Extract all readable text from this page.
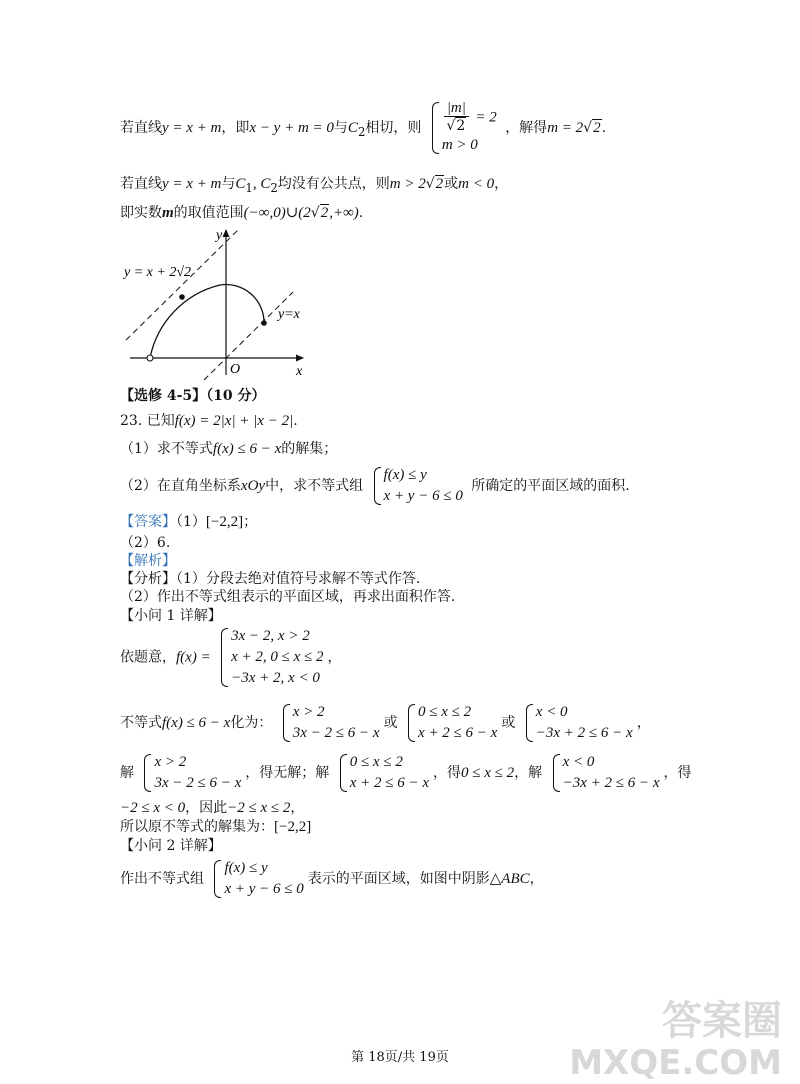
若直线y = x + m，即x − y + m = 0与$C_2$相切，则 $\frac{|m|}{√2} = 2$
m > 0
，解得m = 2√2.
若直线y = x + m与$C_1$, $C_2$均没有公共点，则m > 2√2或m < 0，
即实数m的取值范围(−∞,0)∪(2√2,+∞).
y
x
O
y = x + 2√2
y=x
【选修 4-5】（10 分）
23. 已知f(x) = 2|x| + |x − 2|.
（1）求不等式f(x) ≤ 6 − x的解集；
（2）在直角坐标系xOy中，求不等式组
f(x) ≤ y
x + y − 6 ≤ 0
所确定的平面区域的面积.
【答案】（1）[−2,2]；
（2）6.
【解析】
【分析】（1）分段去绝对值符号求解不等式作答.
（2）作出不等式组表示的平面区域，再求出面积作答.
【小问 1 详解】
依题意，f(x) =
3x − 2, x > 2
x + 2, 0 ≤ x ≤ 2
−3x + 2, x < 0
，
不等式f(x) ≤ 6 − x化为：
x > 2
3x − 2 ≤ 6 − x
或
0 ≤ x ≤ 2
x + 2 ≤ 6 − x
或
x < 0
−3x + 2 ≤ 6 − x
，
解
x > 2
3x − 2 ≤ 6 − x
，得无解；解
0 ≤ x ≤ 2
x + 2 ≤ 6 − x
，得0 ≤ x ≤ 2，解
x < 0
−3x + 2 ≤ 6 − x
，得
−2 ≤ x < 0，因此−2 ≤ x ≤ 2，
所以原不等式的解集为：[−2,2]
【小问 2 详解】
作出不等式组
f(x) ≤ y
x + y − 6 ≤ 0
表示的平面区域，如图中阴影△ABC，
答案圈
MXQE.COM
第 18页/共 19页
